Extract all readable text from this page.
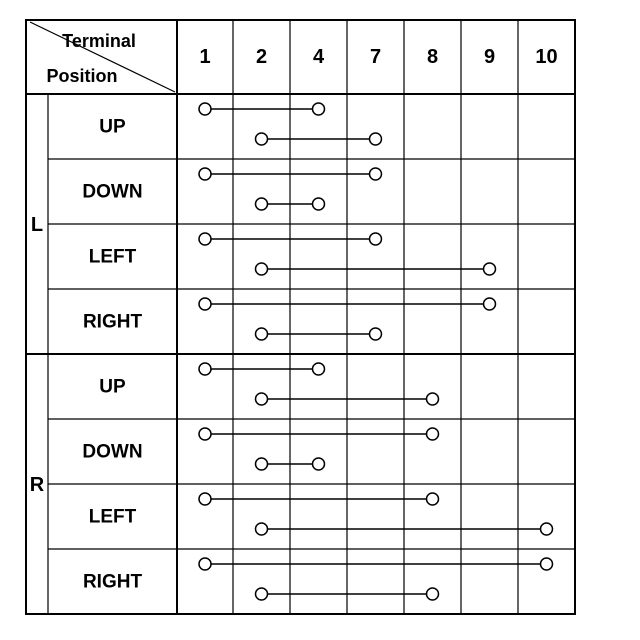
Terminal
Position
1 2 4 7 8 9 10
L
UP
DOWN
LEFT
RIGHT
R
UP
DOWN
LEFT
RIGHT
